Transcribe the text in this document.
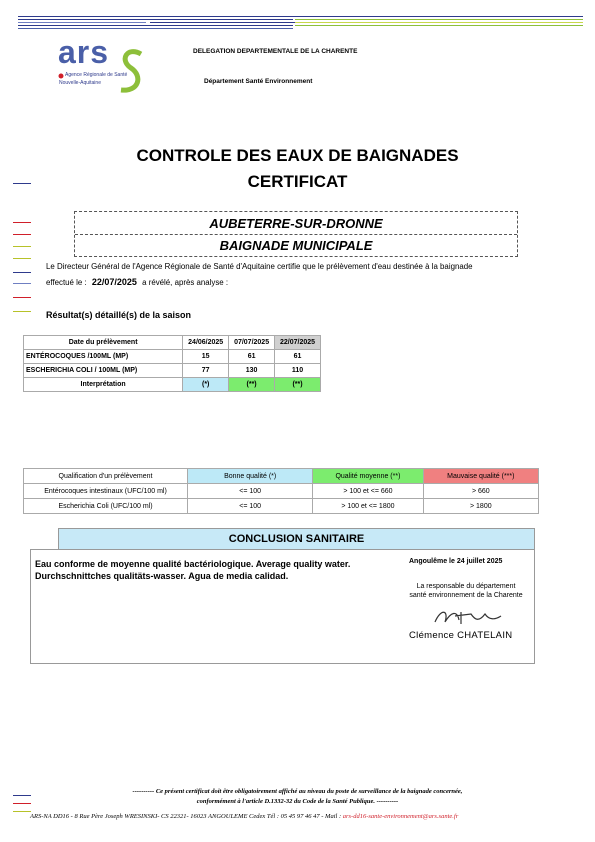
ars
Agence Régionale de Santé
Nouvelle-Aquitaine
DELEGATION DEPARTEMENTALE DE LA CHARENTE
Département Santé Environnement
CONTROLE DES EAUX DE BAIGNADES
CERTIFICAT
AUBETERRE-SUR-DRONNE
BAIGNADE MUNICIPALE
Le Directeur Général de l'Agence Régionale de Santé d'Aquitaine certifie que le prélèvement d'eau destinée à la baignade
effectué le : 22/07/2025 a révélé, après analyse :
Résultat(s) détaillé(s) de la saison
Date du prélèvement	24/06/2025	07/07/2025	22/07/2025
ENTÉROCOQUES /100ML (MP)	15	61	61
ESCHERICHIA COLI / 100ML (MP)	77	130	110
Interprétation	(*)	(**)	(**)
Qualification d'un prélèvement	Bonne qualité (*)	Qualité moyenne (**)	Mauvaise qualité (***)
Entérocoques intestinaux (UFC/100 ml)	<= 100	> 100 et <= 660	> 660
Escherichia Coli (UFC/100 ml)	<= 100	> 100 et <= 1800	> 1800
CONCLUSION SANITAIRE
Eau conforme de moyenne qualité bactériologique. Average quality water. Durchschnittches qualitäts-wasser. Agua de media calidad.
Angoulême le 24 juillet 2025
La responsable du département
santé environnement de la Charente
Clémence CHATELAIN
---------- Ce présent certificat doit être obligatoirement affiché au niveau du poste de surveillance de la baignade concernée,
conformément à l'article D.1332-32 du Code de la Santé Publique. ----------
ARS-NA DD16 - 8 Rue Père Joseph WRESINSKI- CS 22321- 16023 ANGOULEME Cedex Tél : 05 45 97 46 47 - Mail : ars-dd16-sante-environnement@ars.sante.fr
